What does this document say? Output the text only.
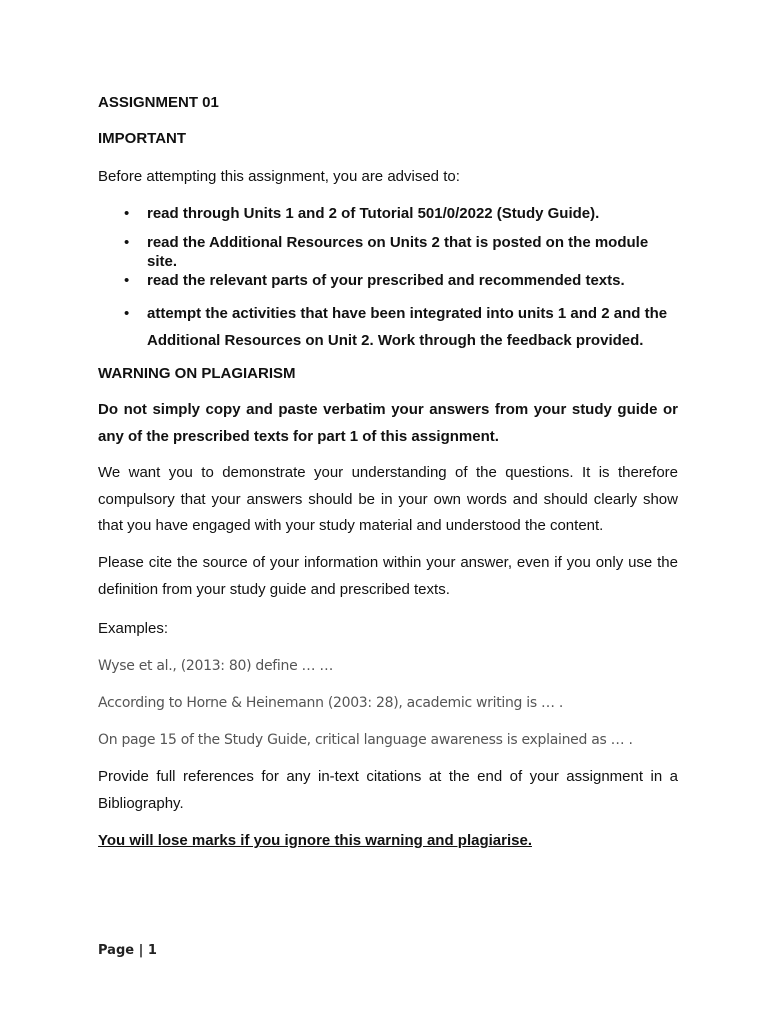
ASSIGNMENT 01

IMPORTANT

Before attempting this assignment, you are advised to:

• read through Units 1 and 2 of Tutorial 501/0/2022 (Study Guide).
• read the Additional Resources on Units 2 that is posted on the module site.
• read the relevant parts of your prescribed and recommended texts.
• attempt the activities that have been integrated into units 1 and 2 and the Additional Resources on Unit 2. Work through the feedback provided.

WARNING ON PLAGIARISM

Do not simply copy and paste verbatim your answers from your study guide or any of the prescribed texts for part 1 of this assignment.

We want you to demonstrate your understanding of the questions. It is therefore compulsory that your answers should be in your own words and should clearly show that you have engaged with your study material and understood the content.

Please cite the source of your information within your answer, even if you only use the definition from your study guide and prescribed texts.

Examples:

Wyse et al., (2013: 80) define … …

According to Horne & Heinemann (2003: 28), academic writing is … .

On page 15 of the Study Guide, critical language awareness is explained as … .

Provide full references for any in-text citations at the end of your assignment in a Bibliography.

You will lose marks if you ignore this warning and plagiarise.

Page | 1
